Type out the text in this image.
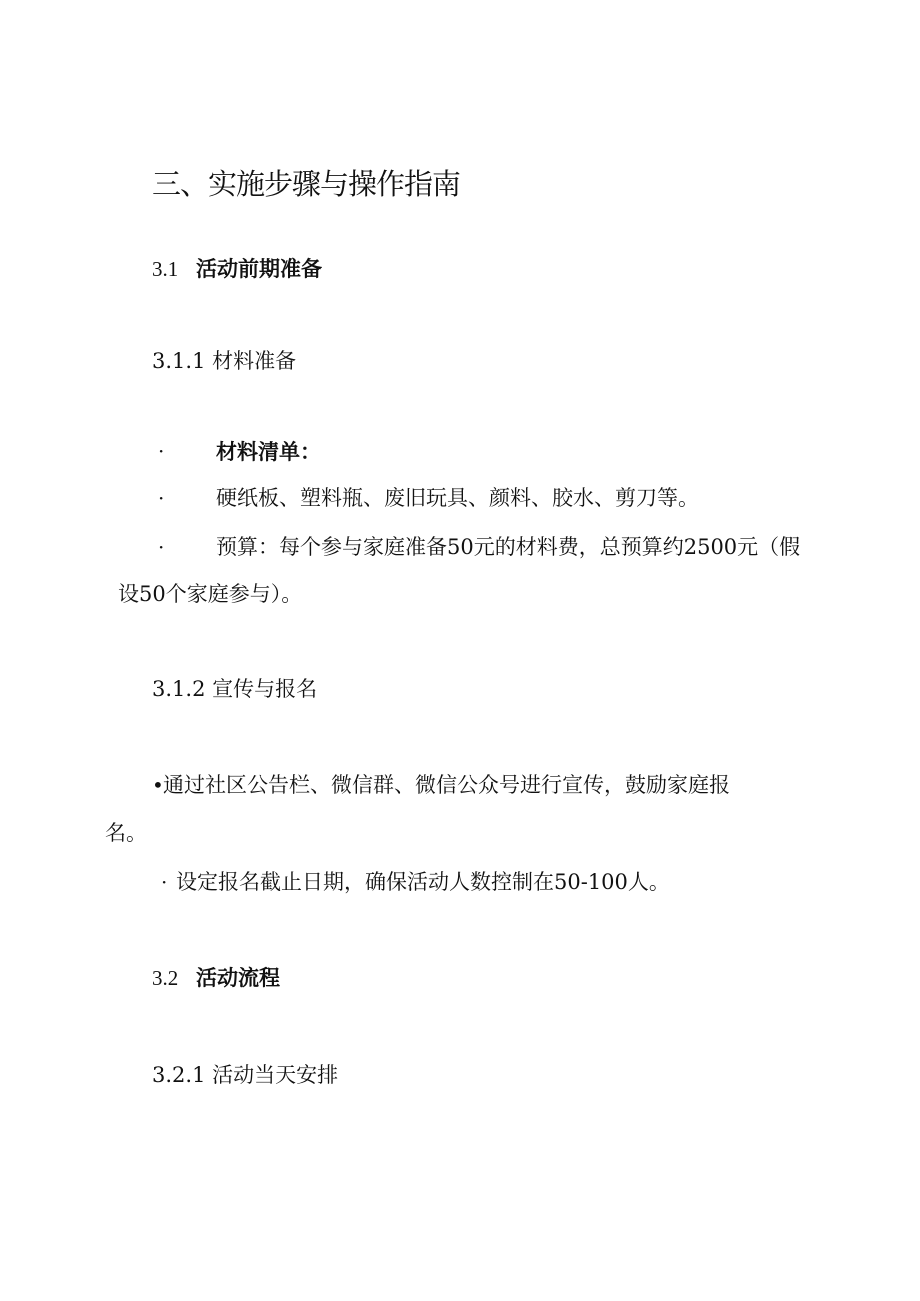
三、实施步骤与操作指南
3.1 活动前期准备
3.1.1 材料准备
· 材料清单：
· 硬纸板、塑料瓶、废旧玩具、颜料、胶水、剪刀等。
· 预算：每个参与家庭准备50元的材料费，总预算约2500元（假
设50个家庭参与）。
3.1.2 宣传与报名
• 通过社区公告栏、微信群、微信公众号进行宣传，鼓励家庭报
名。
· 设定报名截止日期，确保活动人数控制在50-100人。
3.2 活动流程
3.2.1 活动当天安排
